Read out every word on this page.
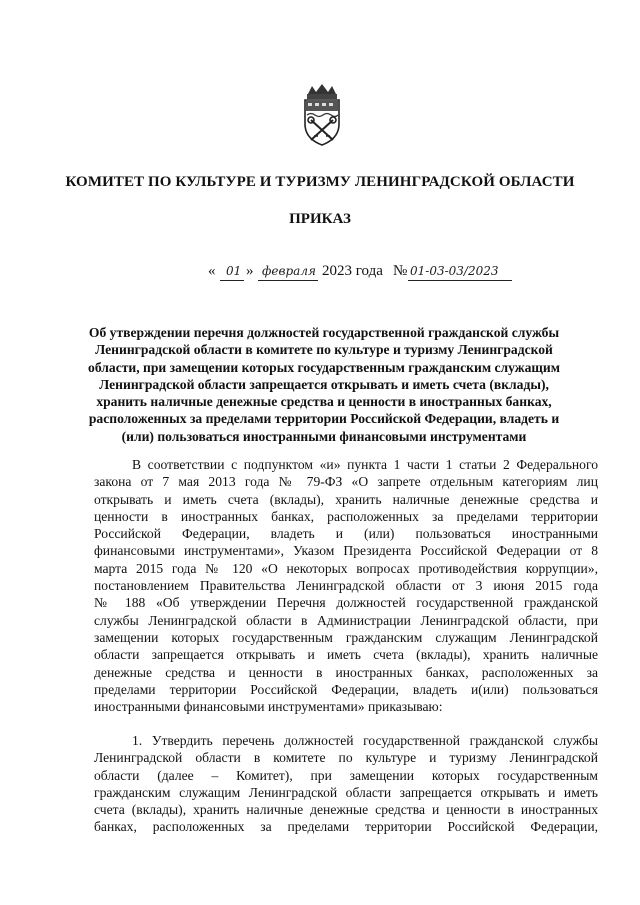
КОМИТЕТ ПО КУЛЬТУРЕ И ТУРИЗМУ ЛЕНИНГРАДСКОЙ ОБЛАСТИ
ПРИКАЗ
« 01 » февраля 2023 года № 01-03-03/2023
Об утверждении перечня должностей государственной гражданской службы
Ленинградской области в комитете по культуре и туризму Ленинградской
области, при замещении которых государственным гражданским служащим
Ленинградской области запрещается открывать и иметь счета (вклады),
хранить наличные денежные средства и ценности в иностранных банках,
расположенных за пределами территории Российской Федерации, владеть и
(или) пользоваться иностранными финансовыми инструментами
В соответствии с подпунктом «и» пункта 1 части 1 статьи 2 Федерального
закона от 7 мая 2013 года № 79-ФЗ «О запрете отдельным категориям лиц
открывать и иметь счета (вклады), хранить наличные денежные средства и
ценности в иностранных банках, расположенных за пределами территории
Российской Федерации, владеть и (или) пользоваться иностранными
финансовыми инструментами», Указом Президента Российской Федерации от 8
марта 2015 года № 120 «О некоторых вопросах противодействия коррупции»,
постановлением Правительства Ленинградской области от 3 июня 2015 года
№ 188 «Об утверждении Перечня должностей государственной гражданской
службы Ленинградской области в Администрации Ленинградской области, при
замещении которых государственным гражданским служащим Ленинградской
области запрещается открывать и иметь счета (вклады), хранить наличные
денежные средства и ценности в иностранных банках, расположенных за
пределами территории Российской Федерации, владеть и(или) пользоваться
иностранными финансовыми инструментами» приказываю:
1. Утвердить перечень должностей государственной гражданской службы
Ленинградской области в комитете по культуре и туризму Ленинградской
области (далее – Комитет), при замещении которых государственным
гражданским служащим Ленинградской области запрещается открывать и иметь
счета (вклады), хранить наличные денежные средства и ценности в иностранных
банках, расположенных за пределами территории Российской Федерации,
